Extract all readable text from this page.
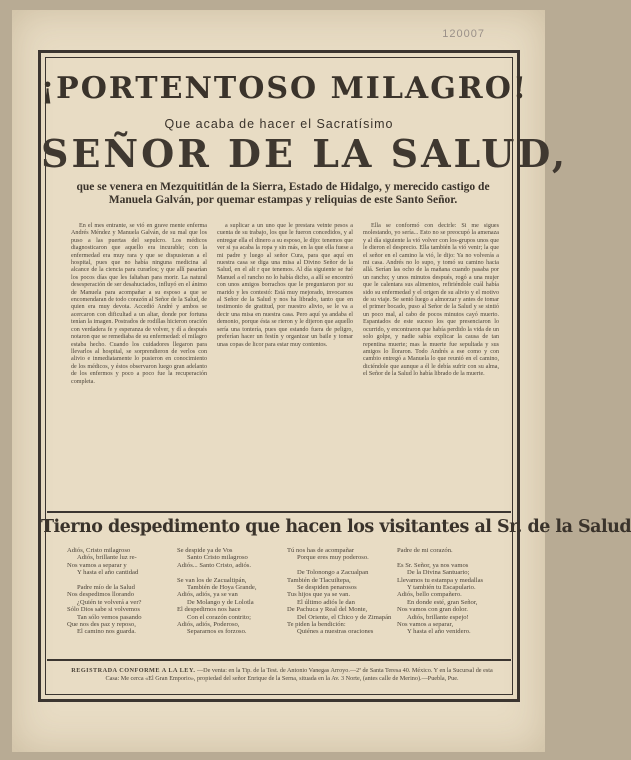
120007
¡PORTENTOSO MILAGRO!
Que acaba de hacer el Sacratísimo
SEÑOR DE LA SALUD,
que se venera en Mezquititlán de la Sierra, Estado de Hidalgo, y merecido castigo de Manuela Galván, por quemar estampas y reliquias de este Santo Señor.
En el mes entrante, se vió en grave mente enferma Andrés Méndez y Manuela Galván, de su mal que los puso a las puertas del sepulcro. Los médicos diagnosticaron que aquello era incurable; con la enfermedad era muy rara y que se dispusieran a el hospital, pues que no había ninguna medicina al alcance de la ciencia para curarlos; y que allí pasarían los pocos días que les faltaban para morir. La natural desesperación de ser desahuciados, influyó en el ánimo de Manuela para acompañar a su esposo a que se encomendaran de todo corazón al Señor de la Salud, de quien era muy devota. Accedió André y ambos se acercaron con dificultad a un altar, donde por fortuna tenían la imagen. Postrados de rodillas hicieron oración con verdadera fe y esperanza de volver, y dí a después notaron que se remediaba de su enfermedad: el milagro estaba hecho. Cuando los cuidadores llegaron para llevarlos al hospital, se sorprendieron de verlos con alivio e inmediatamente lo pusieron en conocimiento de los médicos, y éstos observaron luego gran adelanto de los enfermos y poco a poco fue la recuperación completa.
a suplicar a un uno que le prestara veinte pesos a cuenta de su trabajo, los que le fueron concedidos, y al entregar ella el dinero a su esposo, le dijo: tenemos que ver si ya acaba la ropa y sin más, en la que ella fuese a mi padre y luego al señor Cura, para que aquí en nuestra casa se diga una misa al Divino Señor de la Salud, en el alt r que tenemos. Al día siguiente se fué Manuel a el rancho no lo había dicho, a allí se encontró con unos amigos borrachos que le preguntaron por su marido y les contestó: Está muy mejorado, invocamos al Señor de la Salud y nos ha librado, tanto que en testimonio de gratitud, por nuestro alivio, se le va a decir una misa en nuestra casa. Pero aquí ya andaba el demonio, porque ésta se rieron y le dijeron que aquello sería una tontería, pues que estando fuera de peligro, preferían hacer un festín y organizar un baile y tomar unas copas de licor para estar muy contentos.
Ella se conformó con decirle: Si me sigues molestando, yo sería... Esto no se preocupó la amenaza y al día siguiente la vió volver con los-grupos unos que le dieron el desprecio. Ella también la vió venir; la que el señor en el camino la vió, le dijo: Ya no volverás a mi casa. Andrés no lo supo, y tomó su camino hacia allá. Serían las ocho de la mañana cuando pasaba por un rancho; y unos minutos después, rogó a una mujer que le calentara sus alimentos, refiriéndole cuál había sido su enfermedad y el origen de su alivio y el motivo de su viaje. Se sentó luego a almorzar y antes de tomar el primer bocado, puso al Señor de la Salud y se sintió un poco mal, al cabo de pocos minutos cayó muerto. Espantados de este suceso los que presenciaron lo ocurrido, y encontraron que había perdido la vida de un solo golpe, y nadie sabía explicar la causa de tan repentina muerte; mas la muerte fue sepultada y sus amigos lo lloraron. Todo Andrés a ese como y con cambio entregó a Manuela lo que reunió en el camino, diciéndole que aunque a él le debía sufrir con su alma, el Señor de la Salud lo había librado de la muerte.
Tierno despedimento que hacen los visitantes al Sr. de la Salud
Adiós, Cristo milagroso
Adiós, brillante luz re-
Nos vamos a separar y
Y hasta el año cantidad

Padre mío de la Salud
Nos despedimos llorando
¿Quién te volverá a ver?
Sólo Dios sabe si volvemos
Tan sólo vemos pasando
Que nos des paz y reposo,
El camino nos guarda.
Se despide ya de Vos
Santo Cristo milagroso
Adiós... Santo Cristo, adiós.

Se van los de Zacualtipán,
También de Hoya Grande,
Adiós, adiós, ya se van
De Molango y de Lolotla
El despedirnos nos hace
Con el corazón contrito;
Adiós, adiós, Poderoso,
Separarnos es forzoso.
Tú nos has de acompañar
Porque eres muy poderoso.

De Tolonongo a Zacualpan
También de Tlacuiltepa,
Se despiden penarosos
Tus hijos que ya se van.
El último adiós le dan
De Pachuca y Real del Monte,
Del Oriente, el Chico y de Zimapán
Te piden la bendición:
Quiénes a nuestras oraciones
Padre de mi corazón.

Es Sr. Señor, ya nos vamos
De la Divina Santuario;
Llevamos tu estampa y medallas
Y también tu Escapulario.
Adiós, bello compañero.
En donde esté, gran Señor,
Nos vamos con gran dolor.
Adiós, brillante espejo!
Nos vamos a separar,
Y hasta el año venidero.
REGISTRADA CONFORME A LA LEY. —De venta: en la Tip. de la Test. de Antonio Vanegas Arroyo.—2ª de Santa Teresa 40. México. Y en la Sucursal de esta Casa: Me cerca «El Gran Emporio», propiedad del señor Enrique de la Serna, situada en la Av. 3 Norte, (antes calle de Merino).—Puebla, Pue.
